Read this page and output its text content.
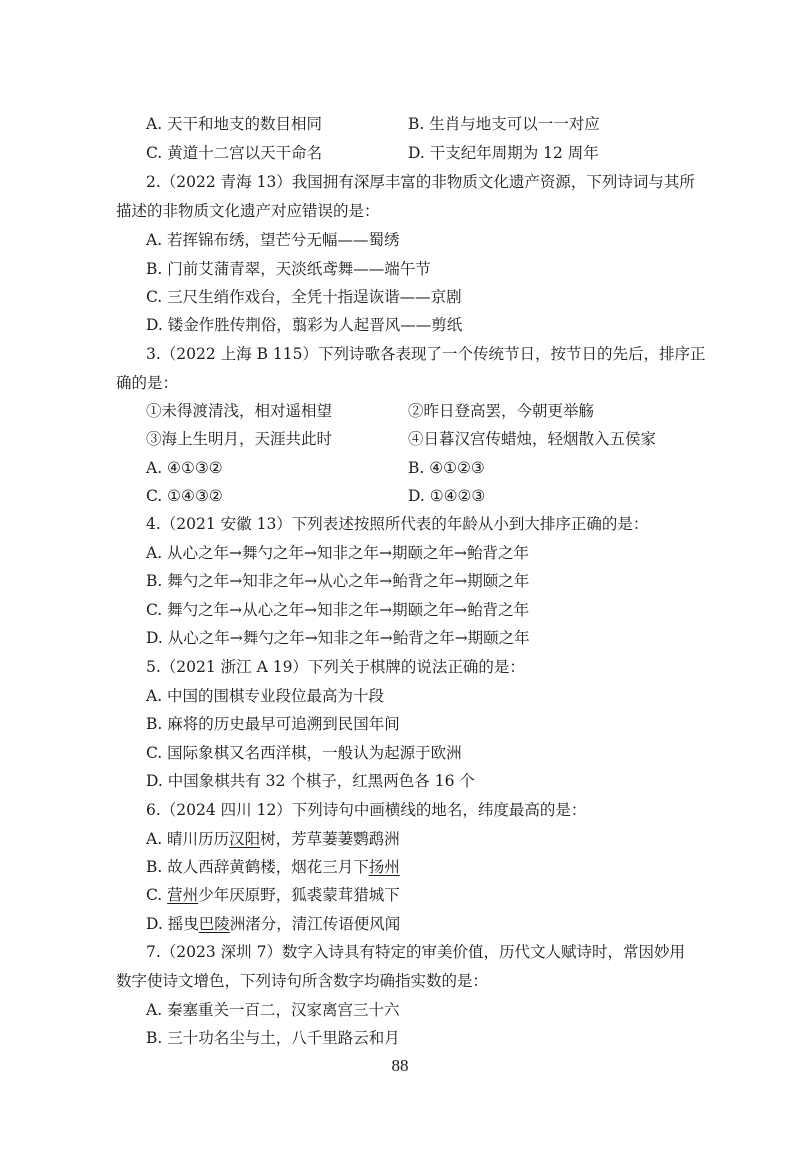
A. 天干和地支的数目相同	B. 生肖与地支可以一一对应
C. 黄道十二宫以天干命名	D. 干支纪年周期为 12 周年
2.（2022 青海 13）我国拥有深厚丰富的非物质文化遗产资源，下列诗词与其所
描述的非物质文化遗产对应错误的是：
A. 若挥锦布绣，望芒兮无幅——蜀绣
B. 门前艾蒲青翠，天淡纸鸢舞——端午节
C. 三尺生绡作戏台，全凭十指逞诙谐——京剧
D. 镂金作胜传荆俗，翦彩为人起晋风——剪纸
3.（2022 上海 B 115）下列诗歌各表现了一个传统节日，按节日的先后，排序正
确的是：
①未得渡清浅，相对遥相望	②昨日登高罢，今朝更举觞
③海上生明月，天涯共此时	④日暮汉宫传蜡烛，轻烟散入五侯家
A. ④①③②	B. ④①②③
C. ①④③②	D. ①④②③
4.（2021 安徽 13）下列表述按照所代表的年龄从小到大排序正确的是：
A. 从心之年→舞勺之年→知非之年→期颐之年→鲐背之年
B. 舞勺之年→知非之年→从心之年→鲐背之年→期颐之年
C. 舞勺之年→从心之年→知非之年→期颐之年→鲐背之年
D. 从心之年→舞勺之年→知非之年→鲐背之年→期颐之年
5.（2021 浙江 A 19）下列关于棋牌的说法正确的是：
A. 中国的围棋专业段位最高为十段
B. 麻将的历史最早可追溯到民国年间
C. 国际象棋又名西洋棋，一般认为起源于欧洲
D. 中国象棋共有 32 个棋子，红黑两色各 16 个
6.（2024 四川 12）下列诗句中画横线的地名，纬度最高的是：
A. 晴川历历汉阳树，芳草萋萋鹦鹉洲
B. 故人西辞黄鹤楼，烟花三月下扬州
C. 营州少年厌原野，狐裘蒙茸猎城下
D. 摇曳巴陵洲渚分，清江传语便风闻
7.（2023 深圳 7）数字入诗具有特定的审美价值，历代文人赋诗时，常因妙用
数字使诗文增色，下列诗句所含数字均确指实数的是：
A. 秦塞重关一百二，汉家离宫三十六
B. 三十功名尘与土，八千里路云和月
88
